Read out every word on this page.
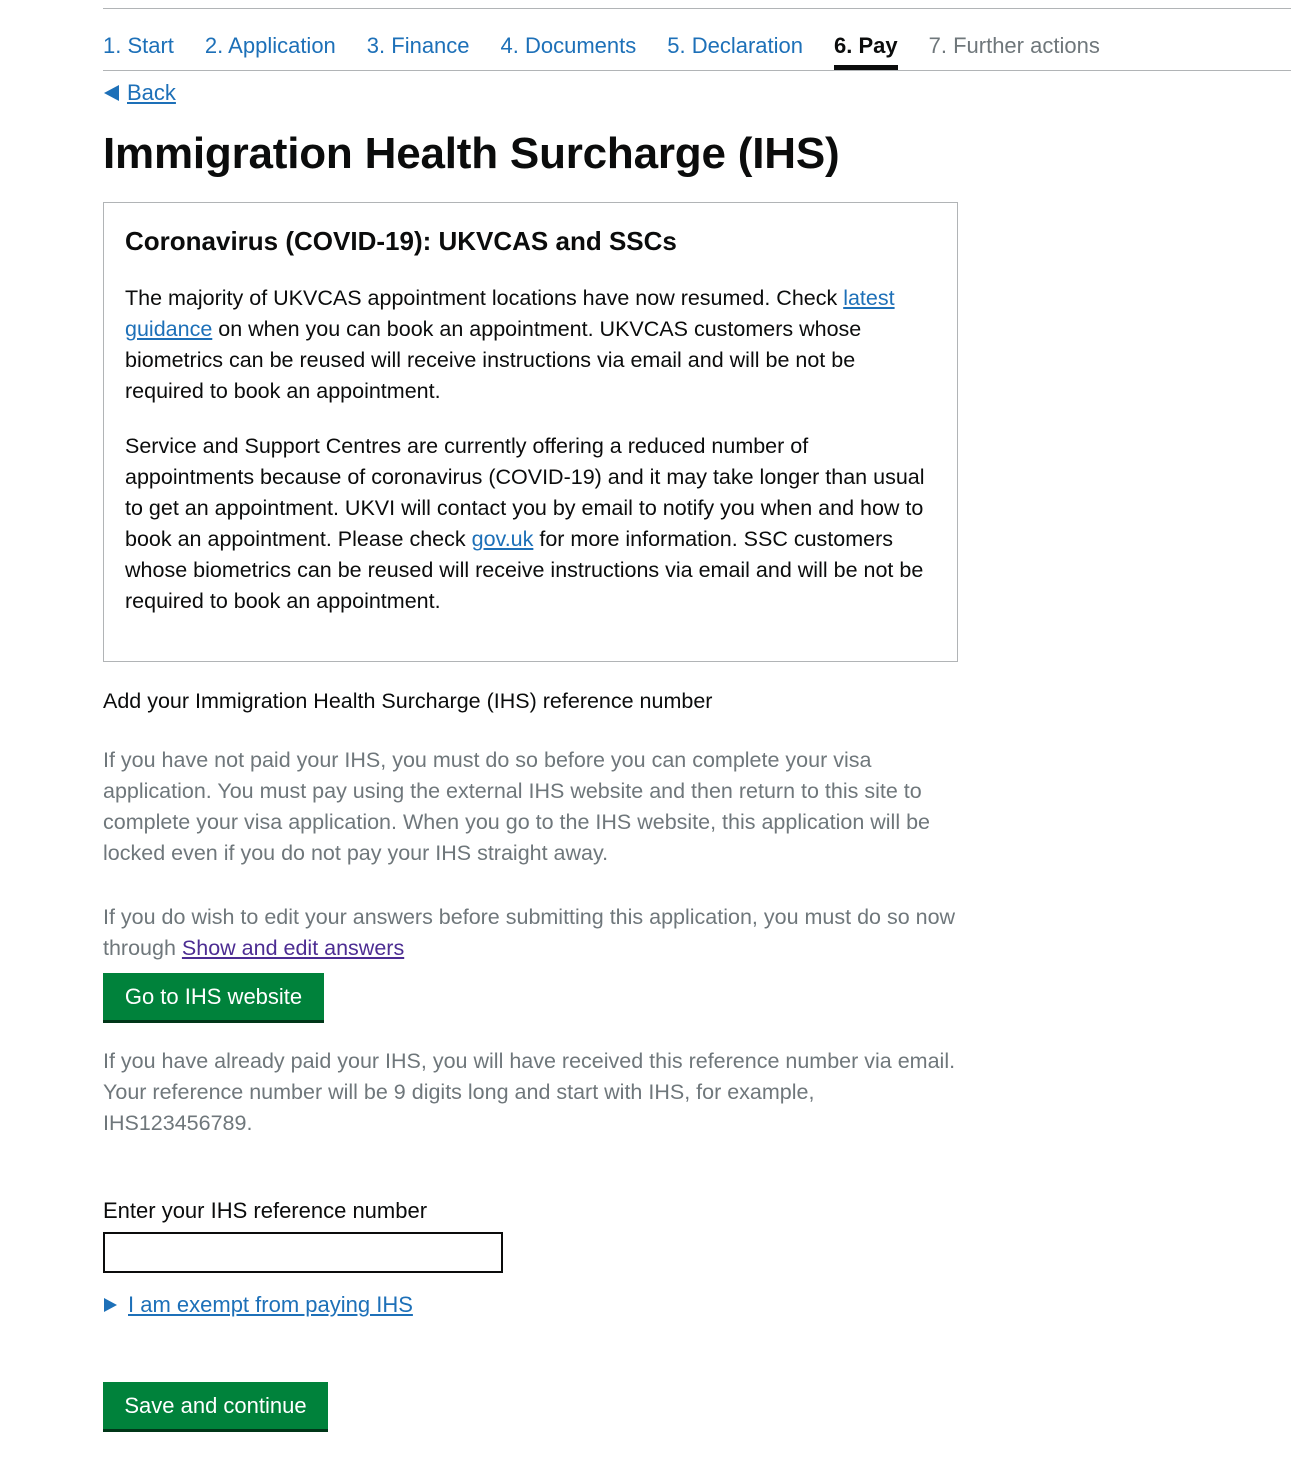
1. Start 2. Application 3. Finance 4. Documents 5. Declaration 6. Pay 7. Further actions
Back
Immigration Health Surcharge (IHS)
Coronavirus (COVID-19): UKVCAS and SSCs

The majority of UKVCAS appointment locations have now resumed. Check latest guidance on when you can book an appointment. UKVCAS customers whose biometrics can be reused will receive instructions via email and will be not be required to book an appointment.

Service and Support Centres are currently offering a reduced number of appointments because of coronavirus (COVID-19) and it may take longer than usual to get an appointment. UKVI will contact you by email to notify you when and how to book an appointment. Please check gov.uk for more information. SSC customers whose biometrics can be reused will receive instructions via email and will be not be required to book an appointment.

Add your Immigration Health Surcharge (IHS) reference number
If you have not paid your IHS, you must do so before you can complete your visa application. You must pay using the external IHS website and then return to this site to complete your visa application. When you go to the IHS website, this application will be locked even if you do not pay your IHS straight away.
If you do wish to edit your answers before submitting this application, you must do so now through Show and edit answers
Go to IHS website
If you have already paid your IHS, you will have received this reference number via email. Your reference number will be 9 digits long and start with IHS, for example, IHS123456789.
Enter your IHS reference number
I am exempt from paying IHS
Save and continue
